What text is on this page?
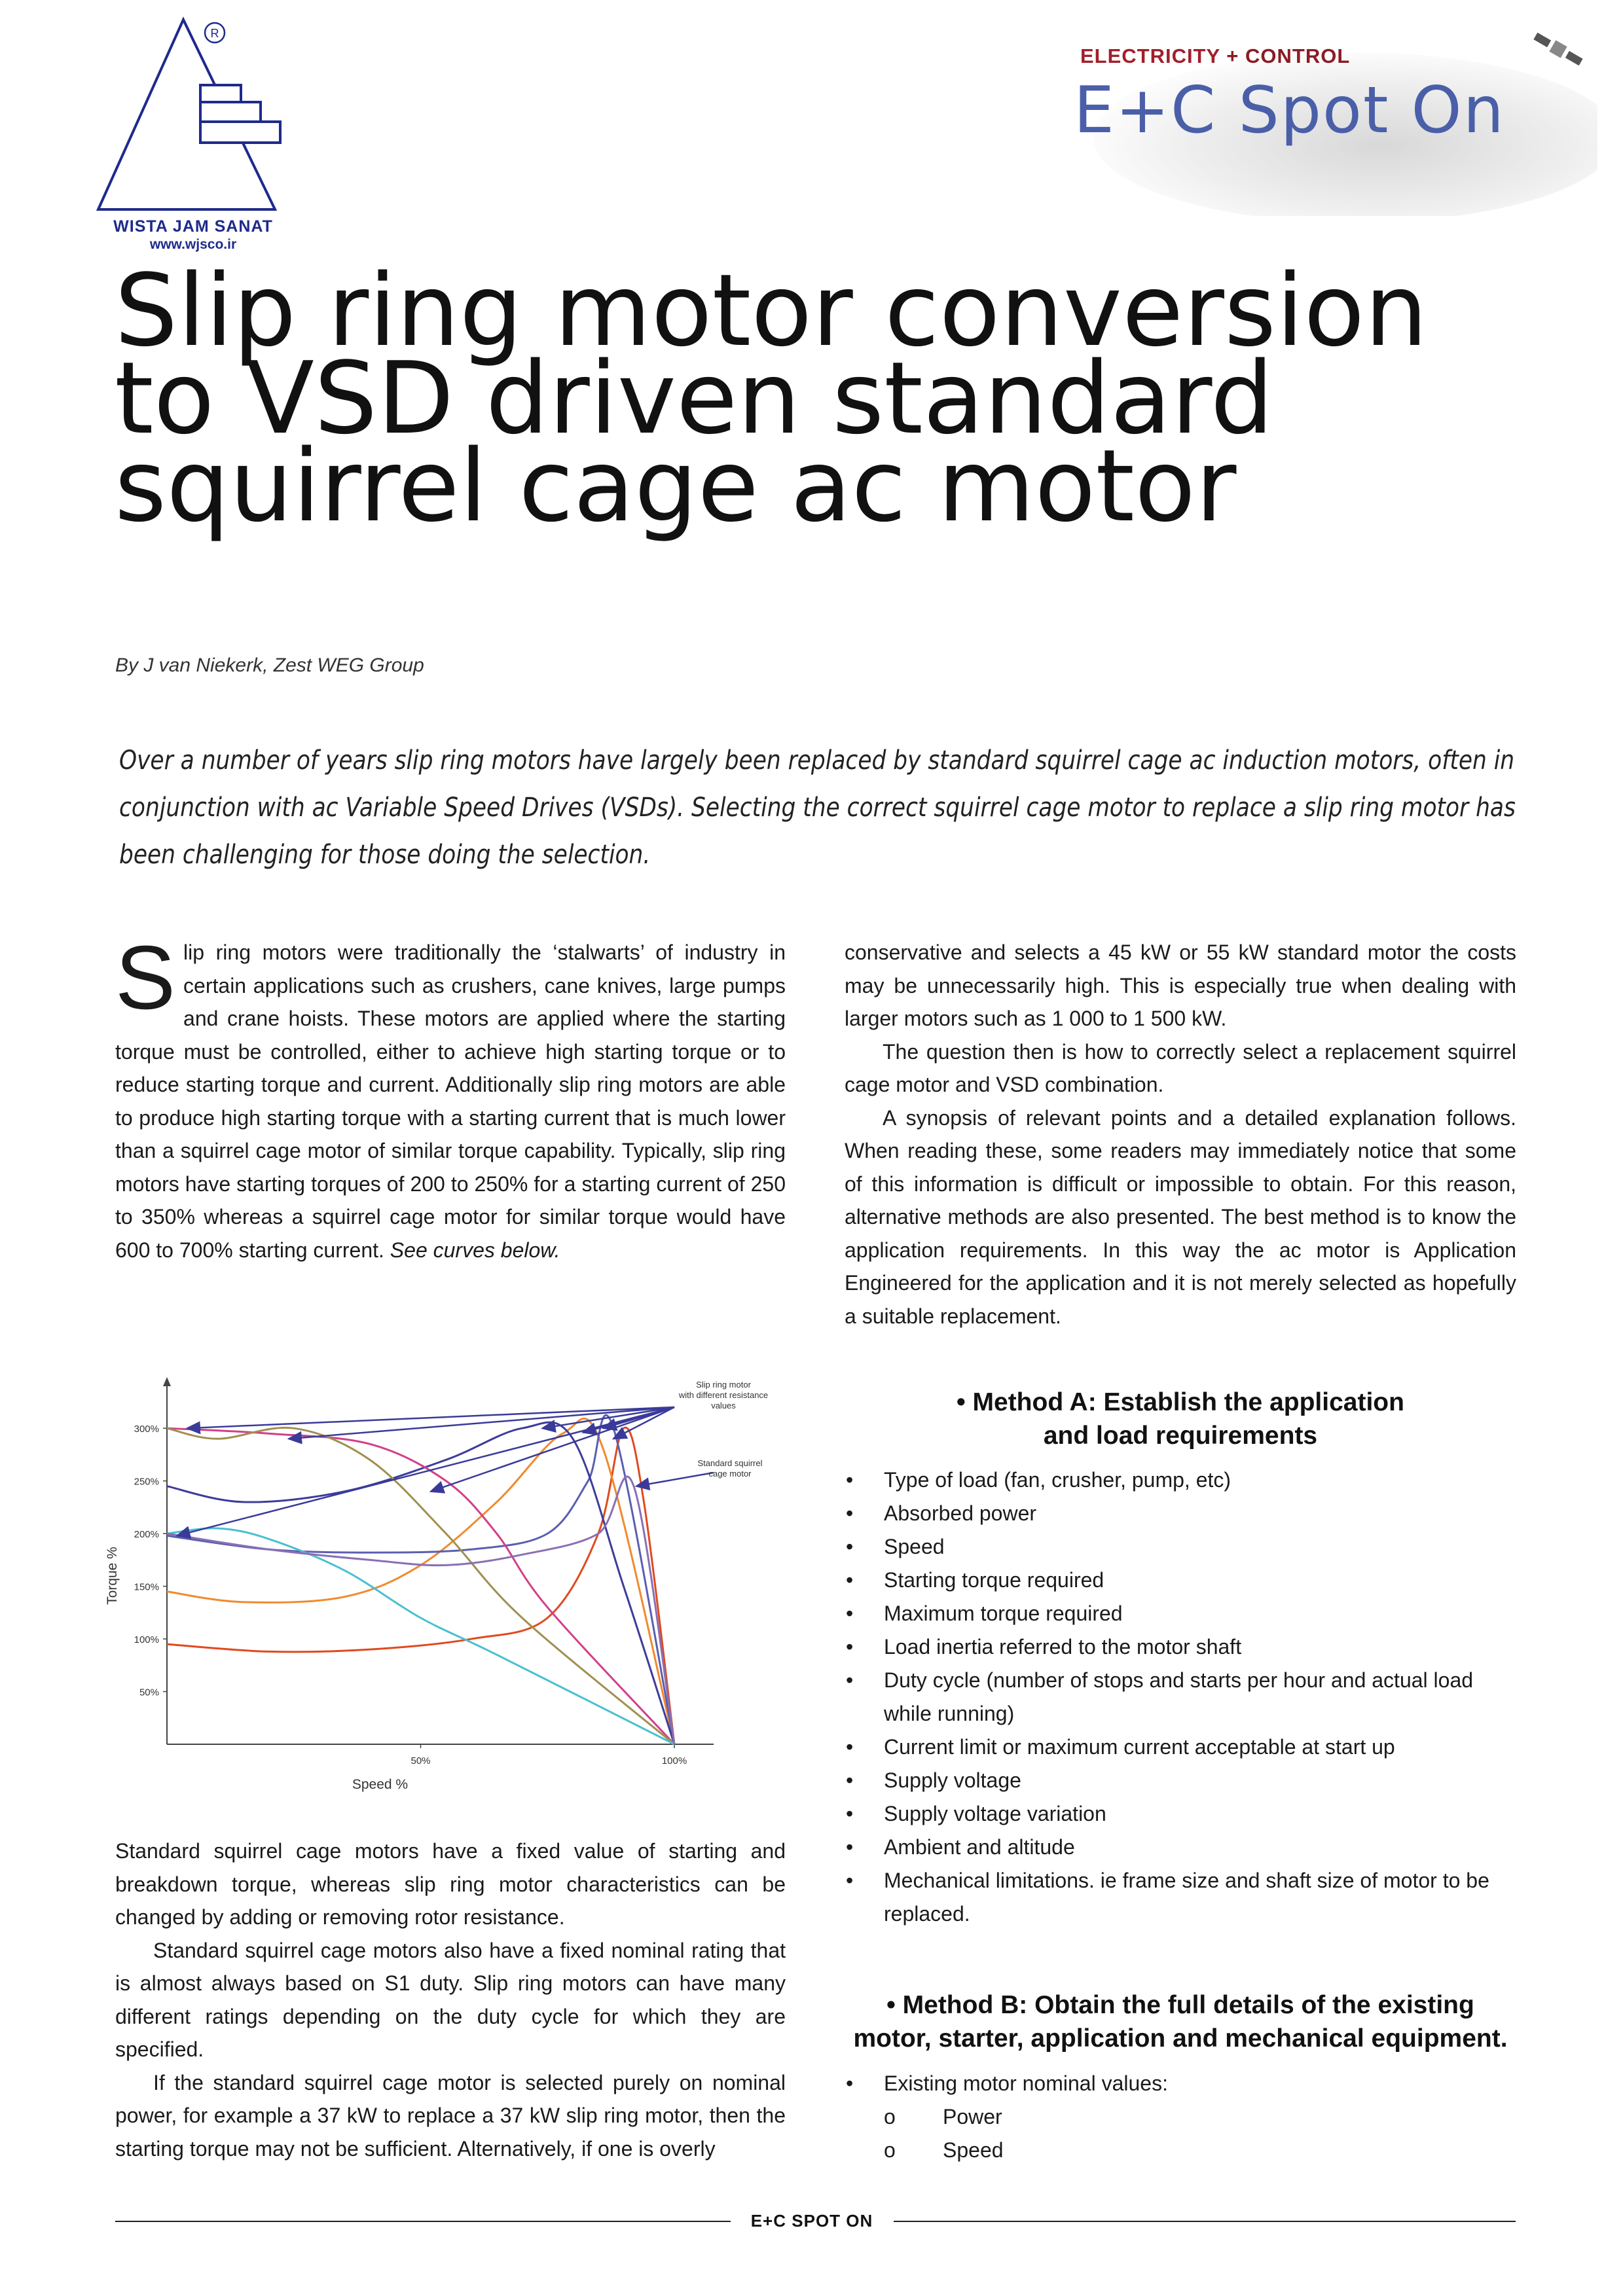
R
WISTA JAM SANAT
www.wjsco.ir
ELECTRICITY + CONTROL
E+C Spot On
Slip ring motor conversion to VSD driven standard squirrel cage ac motor
By J van Niekerk, Zest WEG Group
Over a number of years slip ring motors have largely been replaced by standard squirrel cage ac induction motors, often in conjunction with ac Variable Speed Drives (VSDs). Selecting the correct squirrel cage motor to replace a slip ring motor has been challenging for those doing the selection.
Slip ring motors were traditionally the ‘stalwarts’ of industry in certain applications such as crushers, cane knives, large pumps and crane hoists. These motors are applied where the starting torque must be controlled, either to achieve high starting torque or to reduce starting torque and current. Additionally slip ring motors are able to produce high starting torque with a starting current that is much lower than a squirrel cage motor of similar torque capability. Typically, slip ring motors have starting torques of 200 to 250% for a starting current of 250 to 350% whereas a squirrel cage motor for similar torque would have 600 to 700% starting current. See curves below.
50%
100%
150%
200%
250%
300%
50%	100%
Speed %
Torque %
Slip ring motor with different resistance values
Standard squirrel cage motor
Standard squirrel cage motors have a fixed value of starting and breakdown torque, whereas slip ring motor characteristics can be changed by adding or removing rotor resistance.
Standard squirrel cage motors also have a fixed nominal rating that is almost always based on S1 duty. Slip ring motors can have many different ratings depending on the duty cycle for which they are specified.
If the standard squirrel cage motor is selected purely on nominal power, for example a 37 kW to replace a 37 kW slip ring motor, then the starting torque may not be sufficient. Alternatively, if one is overly
conservative and selects a 45 kW or 55 kW standard motor the costs may be unnecessarily high. This is especially true when dealing with larger motors such as 1 000 to 1 500 kW.
The question then is how to correctly select a replacement squirrel cage motor and VSD combination.
A synopsis of relevant points and a detailed explanation follows. When reading these, some readers may immediately notice that some of this information is difficult or impossible to obtain. For this reason, alternative methods are also presented. The best method is to know the application requirements. In this way the ac motor is Application Engineered for the application and it is not merely selected as hopefully a suitable replacement.
• Method A: Establish the application
and load requirements
• Type of load (fan, crusher, pump, etc)
• Absorbed power
• Speed
• Starting torque required
• Maximum torque required
• Load inertia referred to the motor shaft
• Duty cycle (number of stops and starts per hour and actual load while running)
• Current limit or maximum current acceptable at start up
• Supply voltage
• Supply voltage variation
• Ambient and altitude
• Mechanical limitations. ie frame size and shaft size of motor to be replaced.
• Method B: Obtain the full details of the existing
motor, starter, application and mechanical equipment.
• Existing motor nominal values:
o Power
o Speed
E+C SPOT ON
